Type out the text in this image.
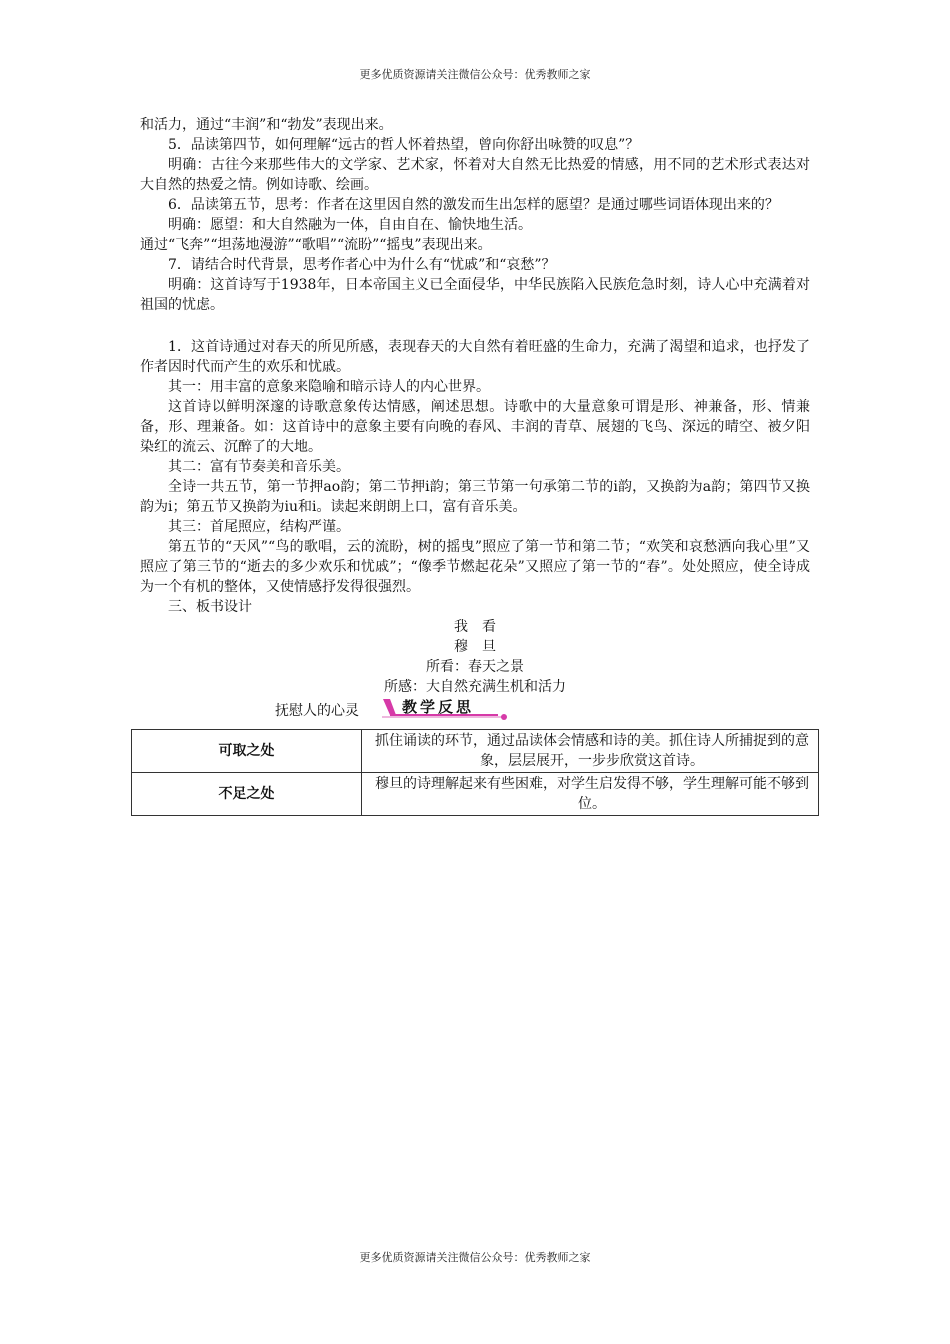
更多优质资源请关注微信公众号：优秀教师之家

和活力，通过“丰润”和“勃发”表现出来。

5．品读第四节，如何理解“远古的哲人怀着热望，曾向你舒出咏赞的叹息”？

明确：古往今来那些伟大的文学家、艺术家，怀着对大自然无比热爱的情感，用不同的艺术形式表达对大自然的热爱之情。例如诗歌、绘画。

6．品读第五节，思考：作者在这里因自然的激发而生出怎样的愿望？是通过哪些词语体现出来的？

明确：愿望：和大自然融为一体，自由自在、愉快地生活。

通过“飞奔”“坦荡地漫游”“歌唱”“流盼”“摇曳”表现出来。

7．请结合时代背景，思考作者心中为什么有“忧戚”和“哀愁”？

明确：这首诗写于1938年，日本帝国主义已全面侵华，中华民族陷入民族危急时刻，诗人心中充满着对祖国的忧虑。

1．这首诗通过对春天的所见所感，表现春天的大自然有着旺盛的生命力，充满了渴望和追求，也抒发了作者因时代而产生的欢乐和忧戚。

其一：用丰富的意象来隐喻和暗示诗人的内心世界。

这首诗以鲜明深邃的诗歌意象传达情感，阐述思想。诗歌中的大量意象可谓是形、神兼备，形、情兼备，形、理兼备。如：这首诗中的意象主要有向晚的春风、丰润的青草、展翅的飞鸟、深远的晴空、被夕阳染红的流云、沉醉了的大地。

其二：富有节奏美和音乐美。

全诗一共五节，第一节押ao韵；第二节押i韵；第三节第一句承第二节的i韵，又换韵为a韵；第四节又换韵为i；第五节又换韵为iu和i。读起来朗朗上口，富有音乐美。

其三：首尾照应，结构严谨。

第五节的“天风”“鸟的歌唱，云的流盼，树的摇曳”照应了第一节和第二节；“欢笑和哀愁洒向我心里”又照应了第三节的“逝去的多少欢乐和忧戚”；“像季节燃起花朵”又照应了第一节的“春”。处处照应，使全诗成为一个有机的整体，又使情感抒发得很强烈。

三、板书设计

我　看

穆　旦

所看：春天之景

所感：大自然充满生机和活力

抚慰人的心灵	教学反思
可取之处	抓住诵读的环节，通过品读体会情感和诗的美。抓住诗人所捕捉到的意象，层层展开，一步步欣赏这首诗。
不足之处	穆旦的诗理解起来有些困难，对学生启发得不够，学生理解可能不够到位。
更多优质资源请关注微信公众号：优秀教师之家
